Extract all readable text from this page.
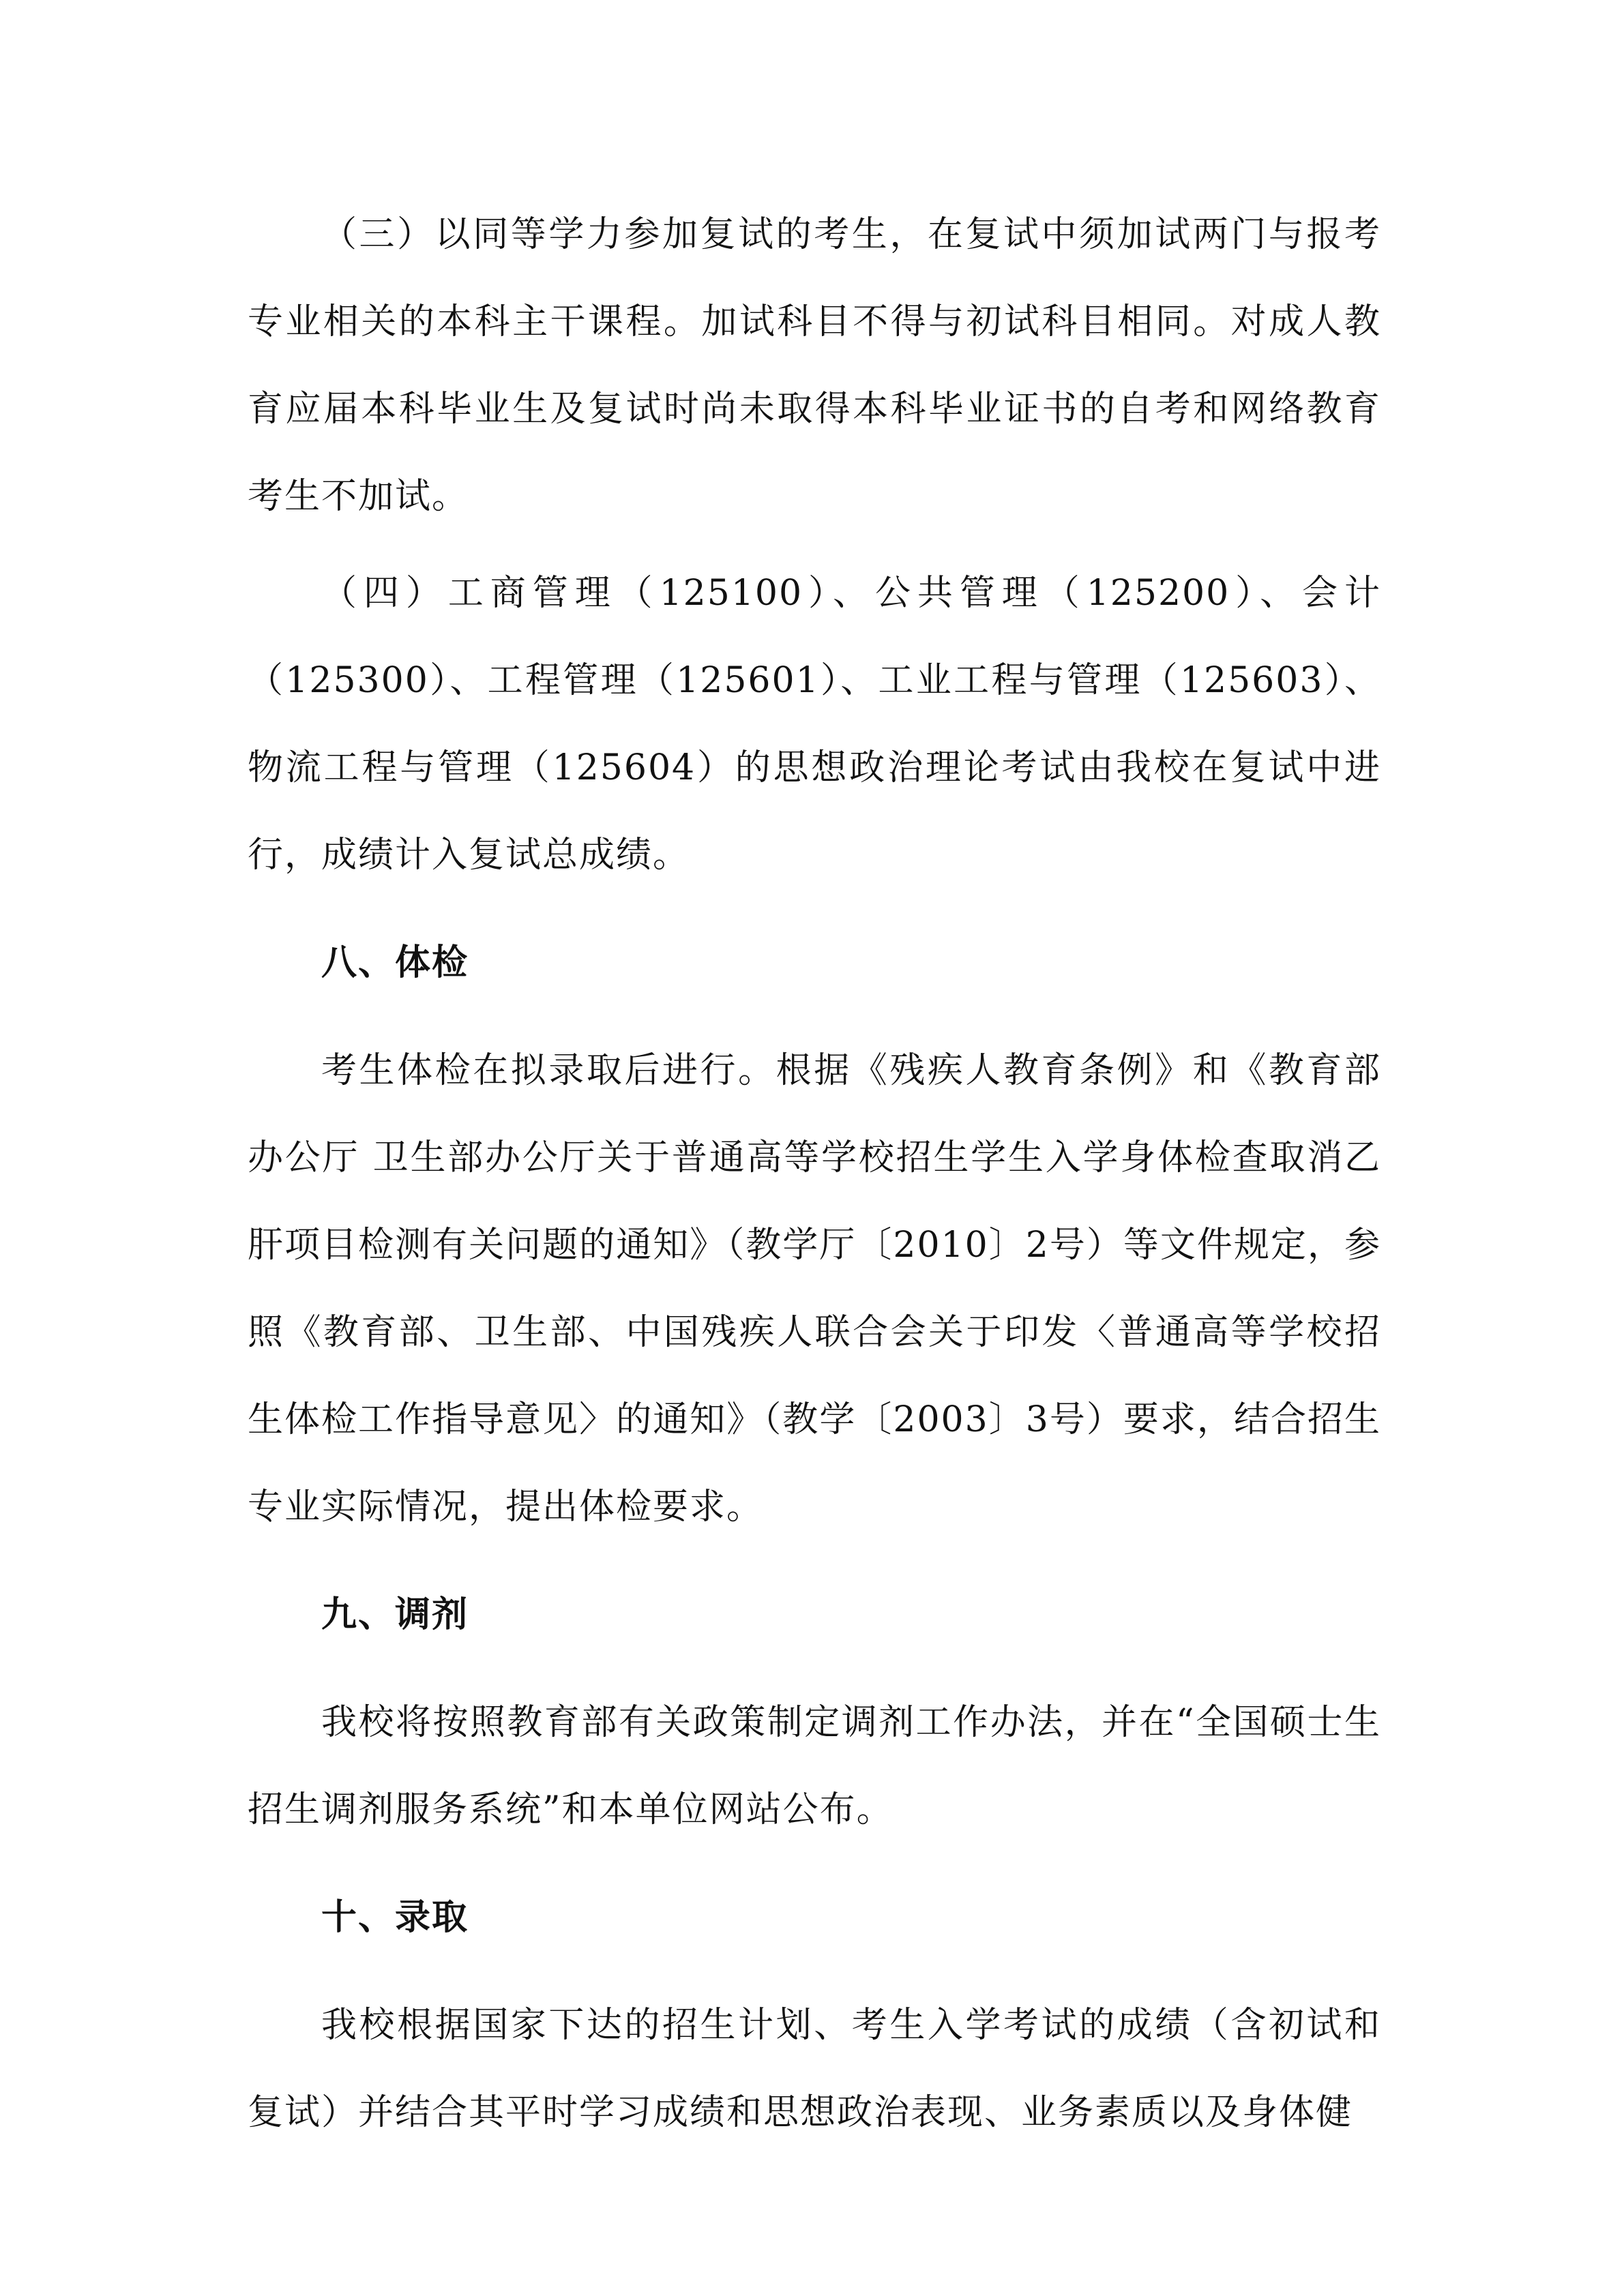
（三）以同等学力参加复试的考生，在复试中须加试两门与报考专业相关的本科主干课程。加试科目不得与初试科目相同。对成人教育应届本科毕业生及复试时尚未取得本科毕业证书的自考和网络教育考生不加试。

（四）工商管理（125100）、公共管理（125200）、会计（125300）、工程管理（125601）、工业工程与管理（125603）、物流工程与管理（125604）的思想政治理论考试由我校在复试中进行，成绩计入复试总成绩。

八、体检

考生体检在拟录取后进行。根据《残疾人教育条例》和《教育部办公厅 卫生部办公厅关于普通高等学校招生学生入学身体检查取消乙肝项目检测有关问题的通知》（教学厅〔2010〕2号）等文件规定，参照《教育部、卫生部、中国残疾人联合会关于印发〈普通高等学校招生体检工作指导意见〉的通知》（教学〔2003〕3号）要求，结合招生专业实际情况，提出体检要求。

九、调剂

我校将按照教育部有关政策制定调剂工作办法，并在“全国硕士生招生调剂服务系统”和本单位网站公布。

十、录取

我校根据国家下达的招生计划、考生入学考试的成绩（含初试和复试）并结合其平时学习成绩和思想政治表现、业务素质以及身体健
